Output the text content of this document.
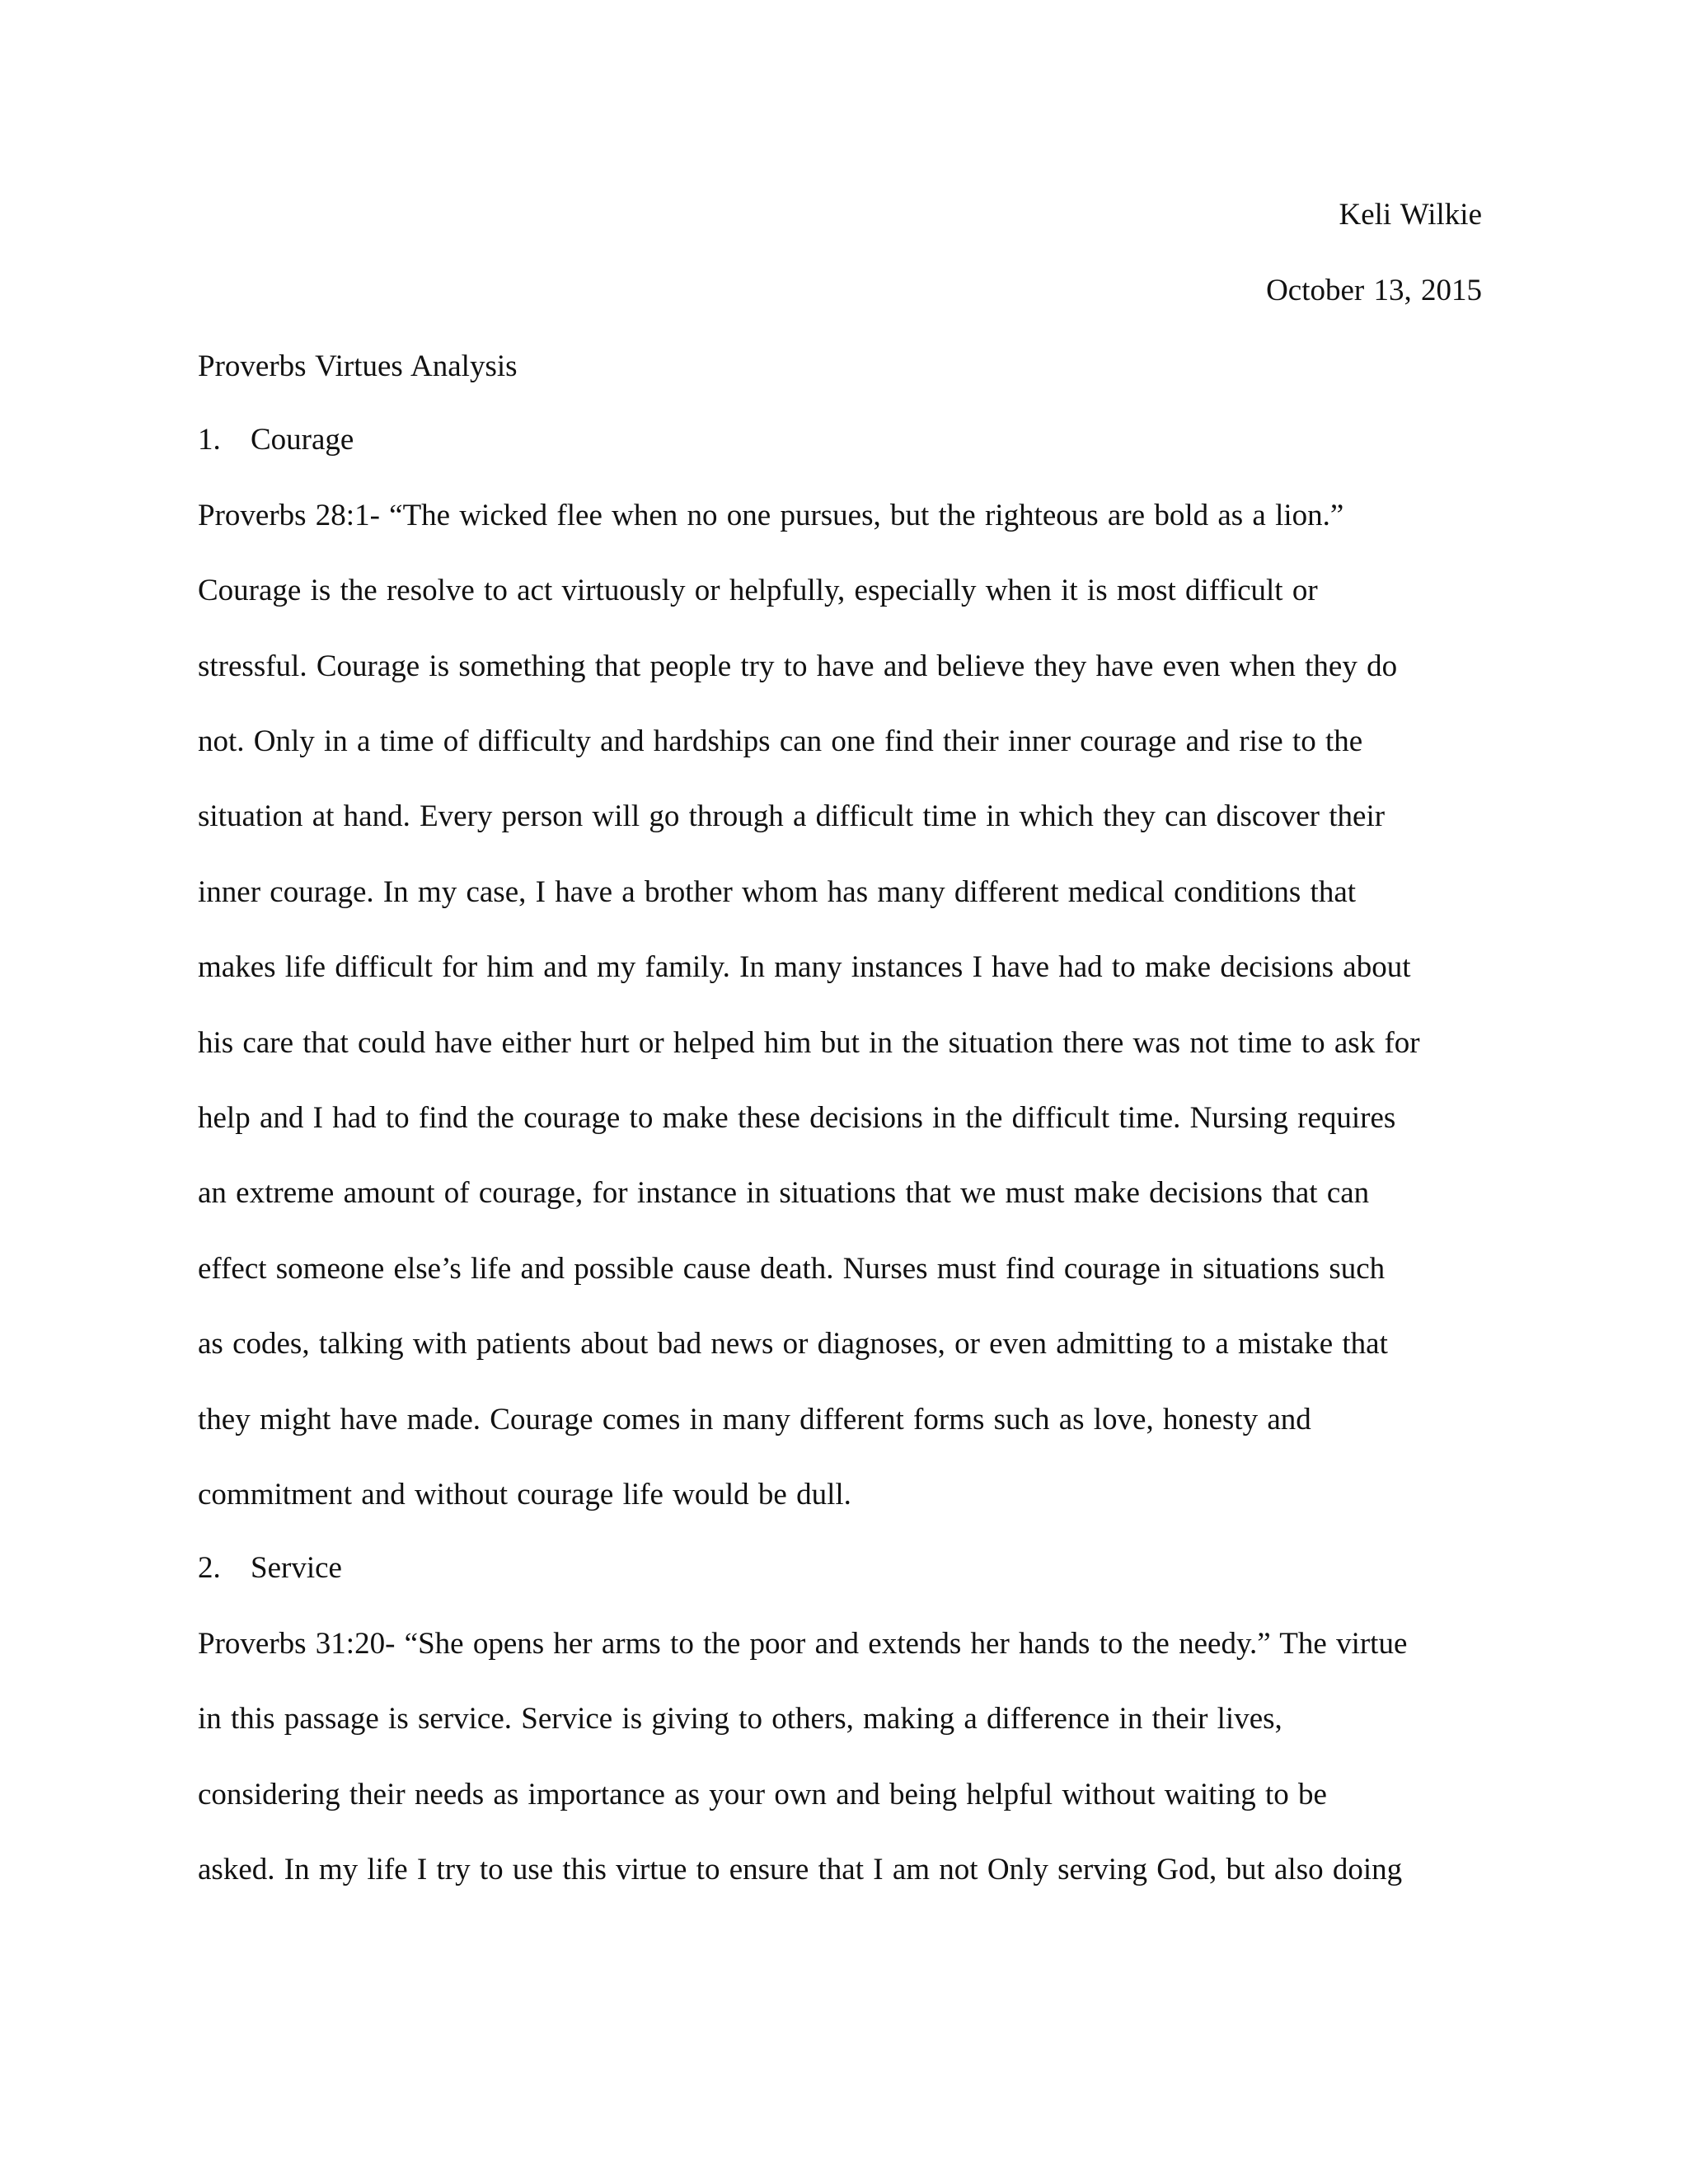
Keli Wilkie
October 13, 2015
Proverbs Virtues Analysis
1. Courage
Proverbs 28:1- “The wicked flee when no one pursues, but the righteous are bold as a lion.”
Courage is the resolve to act virtuously or helpfully, especially when it is most difficult or
stressful. Courage is something that people try to have and believe they have even when they do
not. Only in a time of difficulty and hardships can one find their inner courage and rise to the
situation at hand. Every person will go through a difficult time in which they can discover their
inner courage. In my case, I have a brother whom has many different medical conditions that
makes life difficult for him and my family. In many instances I have had to make decisions about
his care that could have either hurt or helped him but in the situation there was not time to ask for
help and I had to find the courage to make these decisions in the difficult time. Nursing requires
an extreme amount of courage, for instance in situations that we must make decisions that can
effect someone else’s life and possible cause death. Nurses must find courage in situations such
as codes, talking with patients about bad news or diagnoses, or even admitting to a mistake that
they might have made. Courage comes in many different forms such as love, honesty and
commitment and without courage life would be dull.
2. Service
Proverbs 31:20- “She opens her arms to the poor and extends her hands to the needy.” The virtue
in this passage is service. Service is giving to others, making a difference in their lives,
considering their needs as importance as your own and being helpful without waiting to be
asked. In my life I try to use this virtue to ensure that I am not Only serving God, but also doing
